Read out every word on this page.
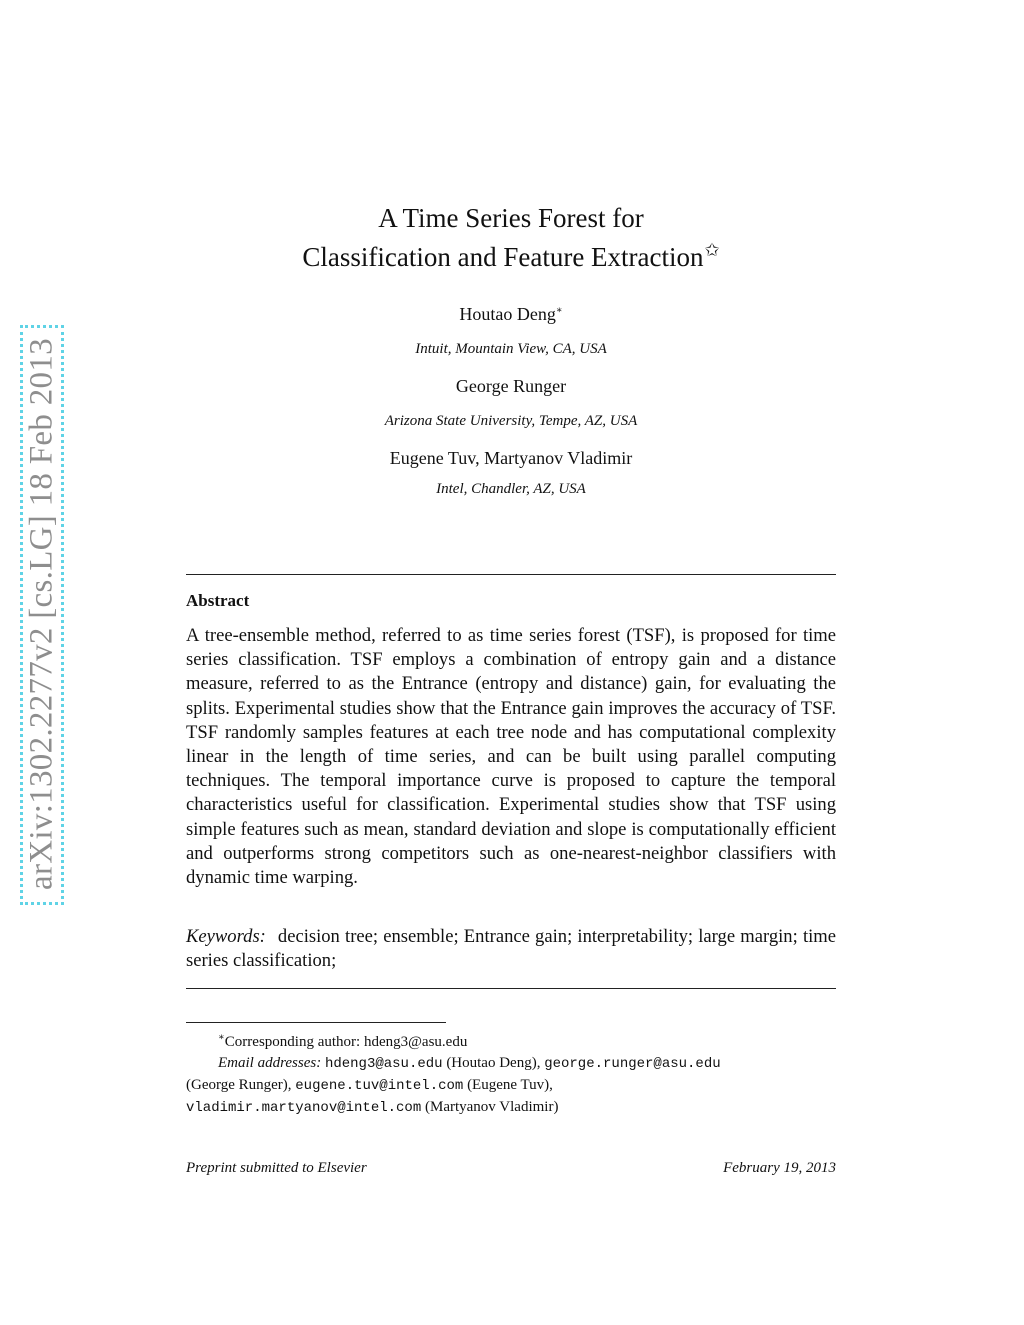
arXiv:1302.2277v2 [cs.LG] 18 Feb 2013
A Time Series Forest for
Classification and Feature Extraction✩
Houtao Deng∗
Intuit, Mountain View, CA, USA
George Runger
Arizona State University, Tempe, AZ, USA
Eugene Tuv, Martyanov Vladimir
Intel, Chandler, AZ, USA
Abstract
A tree-ensemble method, referred to as time series forest (TSF), is proposed for time series classification. TSF employs a combination of entropy gain and a distance measure, referred to as the Entrance (entropy and distance) gain, for evaluating the splits. Experimental studies show that the Entrance gain improves the accuracy of TSF. TSF randomly samples features at each tree node and has computational complexity linear in the length of time series, and can be built using parallel computing techniques. The temporal importance curve is proposed to capture the temporal characteristics useful for classification. Experimental studies show that TSF using simple features such as mean, standard deviation and slope is computationally efficient and outperforms strong competitors such as one-nearest-neighbor classifiers with dynamic time warping.
Keywords: decision tree; ensemble; Entrance gain; interpretability; large margin; time series classification;
∗Corresponding author: hdeng3@asu.edu
Email addresses: hdeng3@asu.edu (Houtao Deng), george.runger@asu.edu
(George Runger), eugene.tuv@intel.com (Eugene Tuv),
vladimir.martyanov@intel.com (Martyanov Vladimir)
Preprint submitted to Elsevier	February 19, 2013
